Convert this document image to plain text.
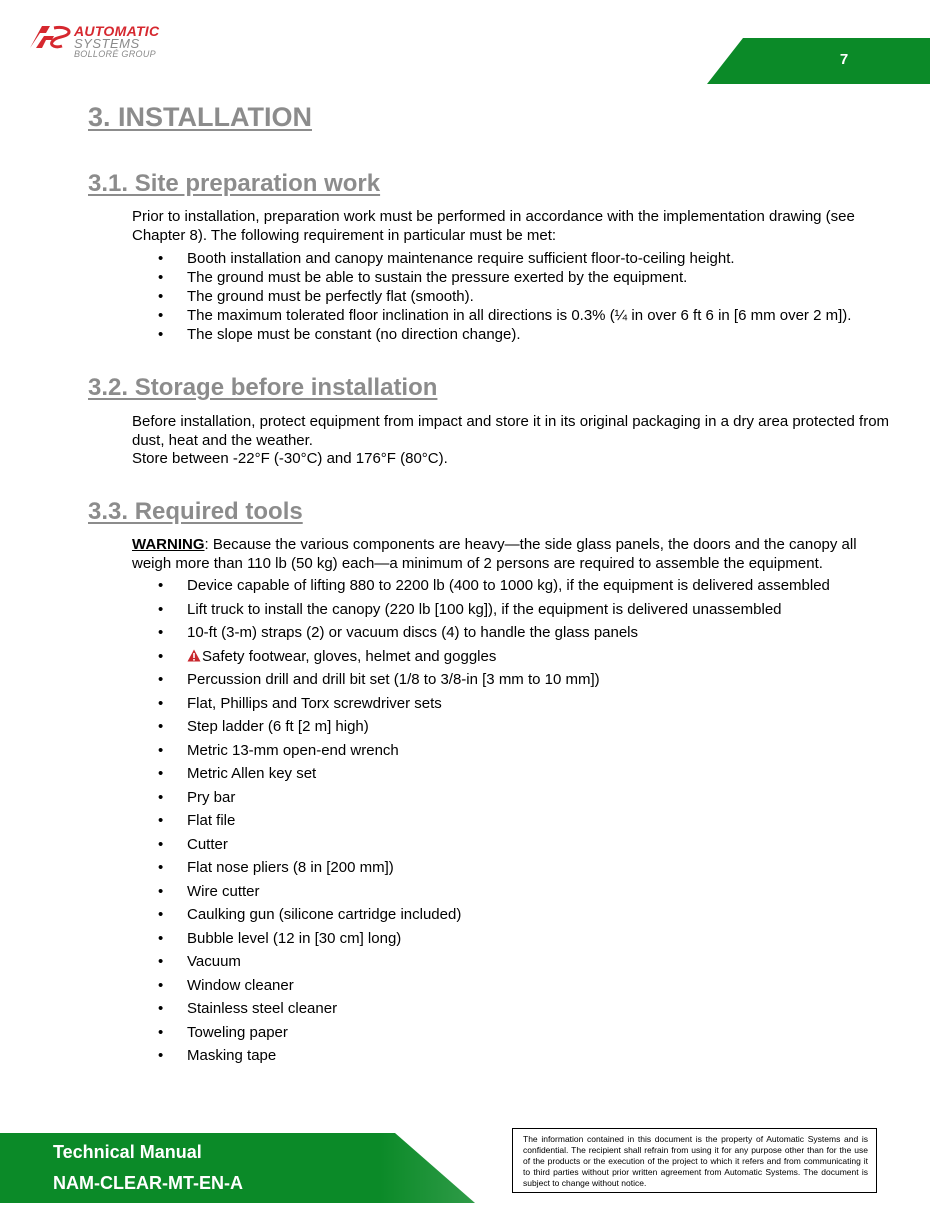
AUTOMATIC
SYSTEMS
BOLLORÉ GROUP	7
3. INSTALLATION
3.1. Site preparation work

Prior to installation, preparation work must be performed in accordance with the implementation drawing (see Chapter 8). The following requirement in particular must be met:

• Booth installation and canopy maintenance require sufficient floor-to-ceiling height.
• The ground must be able to sustain the pressure exerted by the equipment.
• The ground must be perfectly flat (smooth).
• The maximum tolerated floor inclination in all directions is 0.3% (¼ in over 6 ft 6 in [6 mm over 2 m]).
• The slope must be constant (no direction change).
3.2. Storage before installation

Before installation, protect equipment from impact and store it in its original packaging in a dry area protected from dust, heat and the weather.
Store between -22°F (-30°C) and 176°F (80°C).

3.3. Required tools

WARNING: Because the various components are heavy—the side glass panels, the doors and the canopy all weigh more than 110 lb (50 kg) each—a minimum of 2 persons are required to assemble the equipment.

• Device capable of lifting 880 to 2200 lb (400 to 1000 kg), if the equipment is delivered assembled
• Lift truck to install the canopy (220 lb [100 kg]), if the equipment is delivered unassembled
• 10-ft (3-m) straps (2) or vacuum discs (4) to handle the glass panels
•	Safety footwear, gloves, helmet and goggles
• Percussion drill and drill bit set (1/8 to 3/8-in [3 mm to 10 mm])
• Flat, Phillips and Torx screwdriver sets
• Step ladder (6 ft [2 m] high)
• Metric 13-mm open-end wrench
• Metric Allen key set
• Pry bar
• Flat file
• Cutter
• Flat nose pliers (8 in [200 mm])
• Wire cutter
• Caulking gun (silicone cartridge included)
• Bubble level (12 in [30 cm] long)
• Vacuum
• Window cleaner
• Stainless steel cleaner
• Toweling paper
• Masking tape
Technical Manual
NAM-CLEAR-MT-EN-A
The information contained in this document is the property of Automatic Systems and is confidential. The recipient shall refrain from using it for any purpose other than for the use of the products or the execution of the project to which it refers and from communicating it to third parties without prior written agreement from Automatic Systems. The document is subject to change without notice.
